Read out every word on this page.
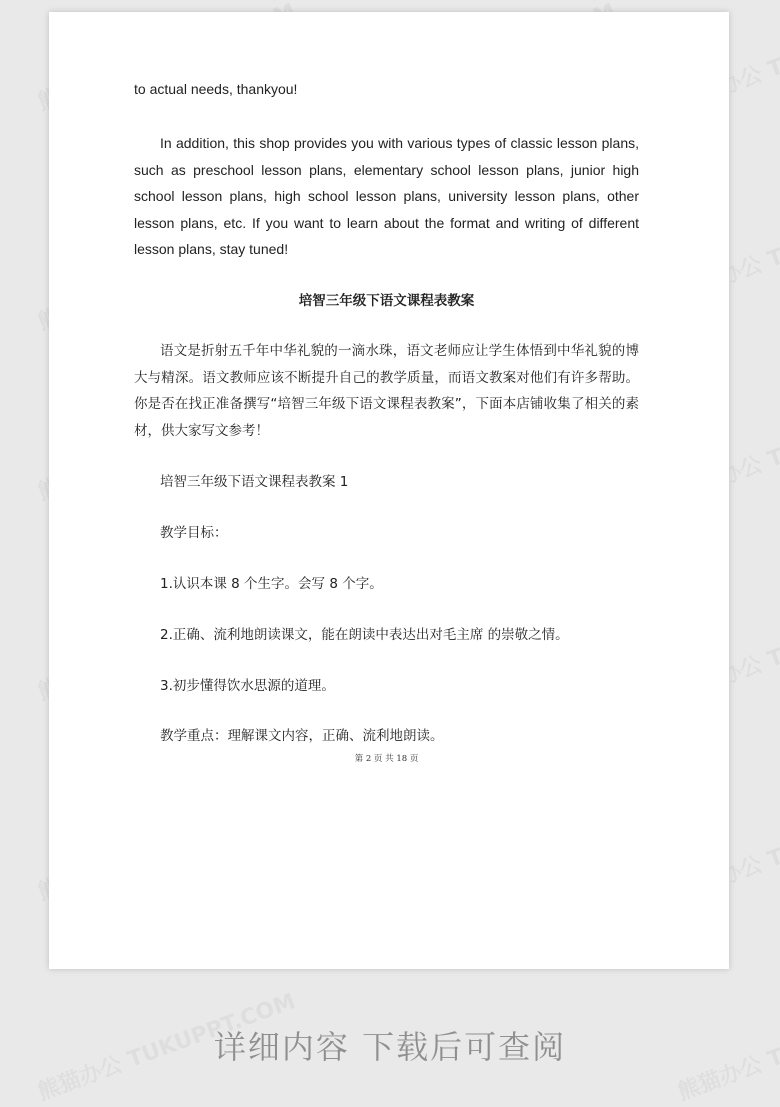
to actual needs, thankyou!
In addition, this shop provides you with various types of classic lesson plans, such as preschool lesson plans, elementary school lesson plans, junior high school lesson plans, high school lesson plans, university lesson plans, other lesson plans, etc. If you want to learn about the format and writing of different lesson plans, stay tuned!
培智三年级下语文课程表教案
语文是折射五千年中华礼貌的一滴水珠，语文老师应让学生体悟到中华礼貌的博大与精深。语文教师应该不断提升自己的教学质量，而语文教案对他们有许多帮助。你是否在找正准备撰写“培智三年级下语文课程表教案”，下面本店铺收集了相关的素材，供大家写文参考！
培智三年级下语文课程表教案 1
教学目标：
1.认识本课 8 个生字。会写 8 个字。
2.正确、流利地朗读课文，能在朗读中表达出对毛主席 的崇敬之情。
3.初步懂得饮水思源的道理。
教学重点：理解课文内容，正确、流利地朗读。
第 2 页 共 18 页
详细内容 下载后可查阅
